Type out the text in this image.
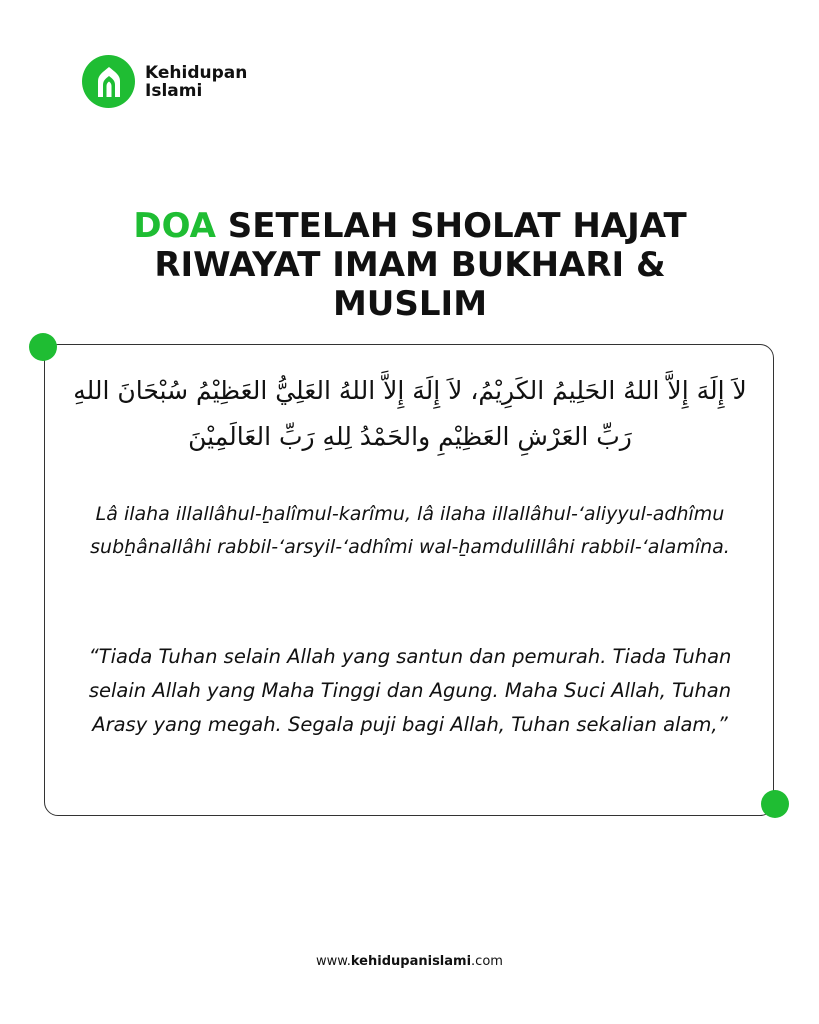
Kehidupan
Islami
DOA SETELAH SHOLAT HAJAT RIWAYAT IMAM BUKHARI & MUSLIM
لاَ إِلَهَ إِلاَّ اللهُ الحَلِيمُ الكَرِيْمُ، لاَ إِلَهَ إِلاَّ اللهُ العَلِيُّ العَظِيْمُ سُبْحَانَ اللهِ رَبِّ العَرْشِ العَظِيْمِ والحَمْدُ لِلهِ رَبِّ العَالَمِيْنَ
Lâ ilaha illallâhul-ẖalîmul-karîmu, lâ ilaha illallâhul-‘aliyyul-adhîmu subẖânallâhi rabbil-‘arsyil-‘adhîmi wal-ẖamdulillâhi rabbil-‘alamîna.
“Tiada Tuhan selain Allah yang santun dan pemurah. Tiada Tuhan selain Allah yang Maha Tinggi dan Agung. Maha Suci Allah, Tuhan Arasy yang megah. Segala puji bagi Allah, Tuhan sekalian alam,”
www.kehidupanislami.com
